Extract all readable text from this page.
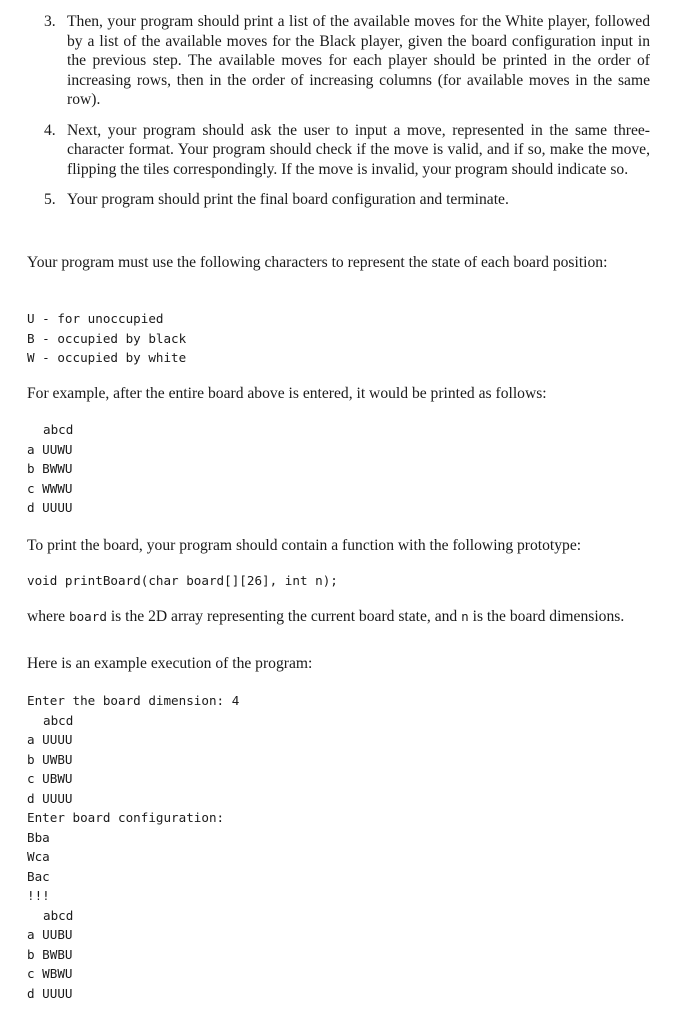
3. Then, your program should print a list of the available moves for the White player, followed by a list of the available moves for the Black player, given the board configuration input in the previous step. The available moves for each player should be printed in the order of increasing rows, then in the order of increasing columns (for available moves in the same row).
4. Next, your program should ask the user to input a move, represented in the same three-character format. Your program should check if the move is valid, and if so, make the move, flipping the tiles correspondingly. If the move is invalid, your program should indicate so.
5. Your program should print the final board configuration and terminate.
Your program must use the following characters to represent the state of each board position:
U - for unoccupied
B - occupied by black
W - occupied by white
For example, after the entire board above is entered, it would be printed as follows:
abcd
a UUWU
b BWWU
c WWWU
d UUUU
To print the board, your program should contain a function with the following prototype:
void printBoard(char board[][26], int n);
where board is the 2D array representing the current board state, and n is the board dimensions.
Here is an example execution of the program:
Enter the board dimension: 4
abcd
a UUUU
b UWBU
c UBWU
d UUUU
Enter board configuration:
Bba
Wca
Bac
!!!
abcd
a UUBU
b BWBU
c WBWU
d UUUU
